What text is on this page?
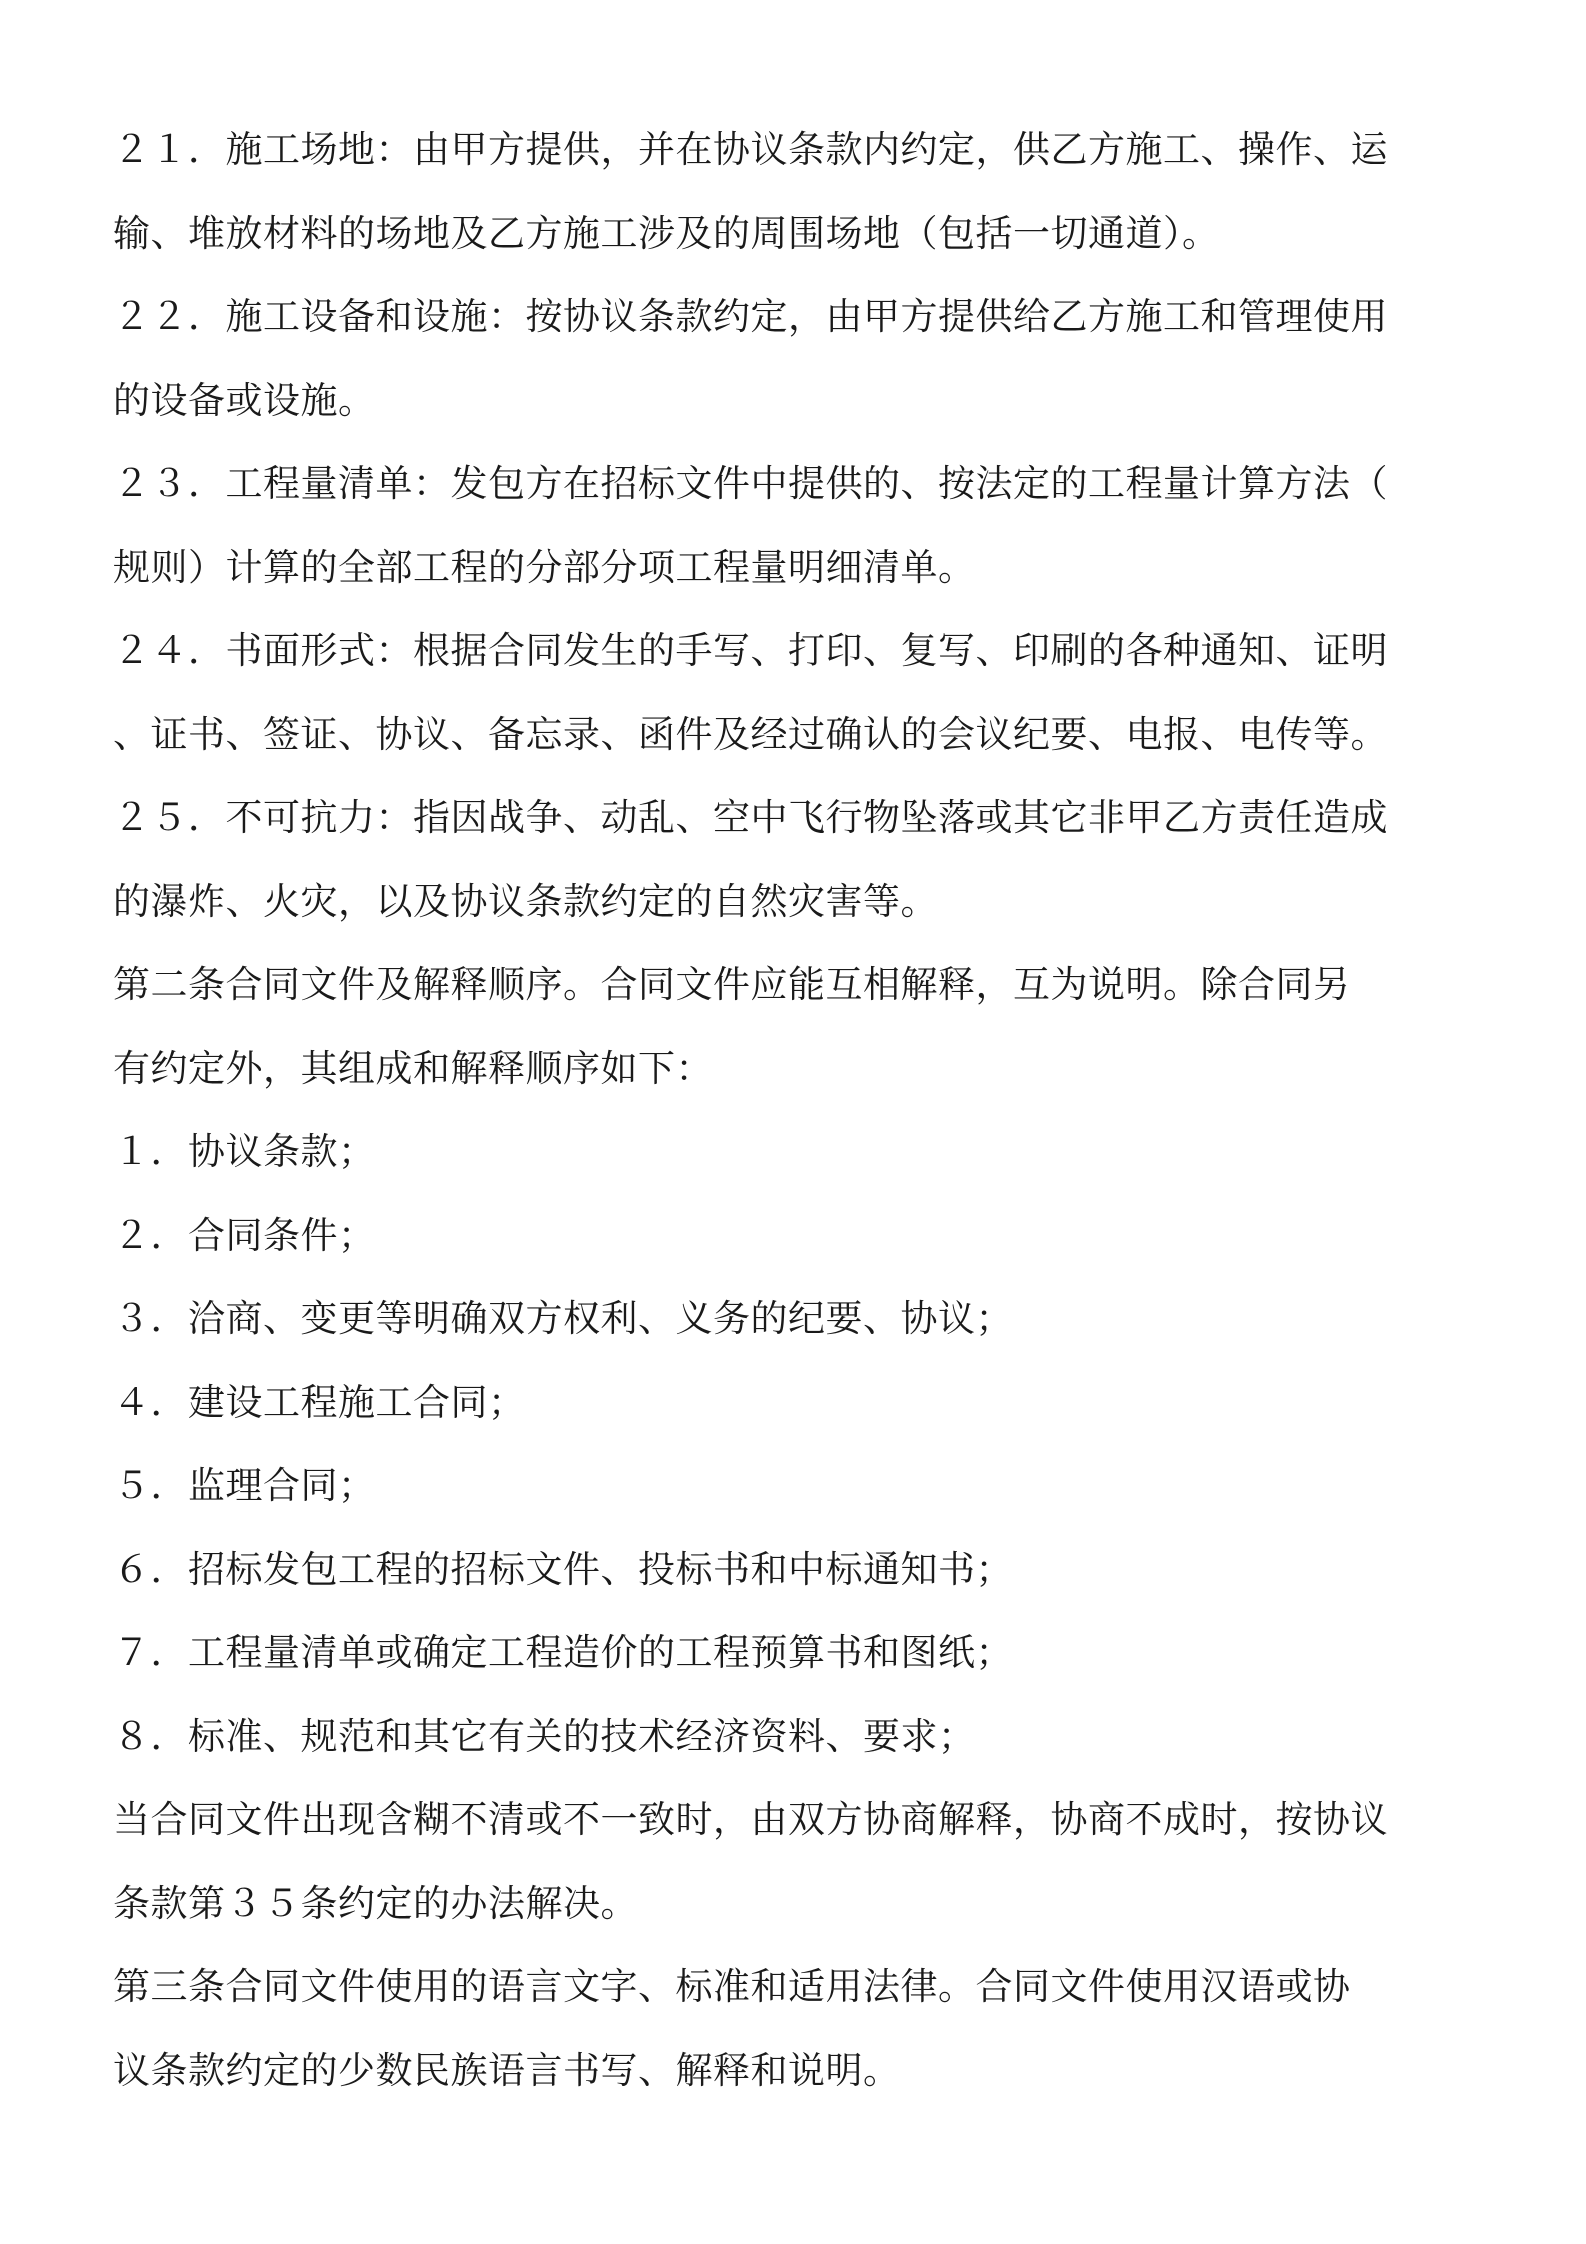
２１．施工场地：由甲方提供，并在协议条款内约定，供乙方施工、操作、运
输、堆放材料的场地及乙方施工涉及的周围场地（包括一切通道）。
２２．施工设备和设施：按协议条款约定，由甲方提供给乙方施工和管理使用
的设备或设施。
２３．工程量清单：发包方在招标文件中提供的、按法定的工程量计算方法（
规则）计算的全部工程的分部分项工程量明细清单。
２４．书面形式：根据合同发生的手写、打印、复写、印刷的各种通知、证明
、证书、签证、协议、备忘录、函件及经过确认的会议纪要、电报、电传等。
２５．不可抗力：指因战争、动乱、空中飞行物坠落或其它非甲乙方责任造成
的瀑炸、火灾，以及协议条款约定的自然灾害等。
第二条合同文件及解释顺序。合同文件应能互相解释，互为说明。除合同另
有约定外，其组成和解释顺序如下：
１．协议条款；
２．合同条件；
３．洽商、变更等明确双方权利、义务的纪要、协议；
４．建设工程施工合同；
５．监理合同；
６．招标发包工程的招标文件、投标书和中标通知书；
７．工程量清单或确定工程造价的工程预算书和图纸；
８．标准、规范和其它有关的技术经济资料、要求；
当合同文件出现含糊不清或不一致时，由双方协商解释，协商不成时，按协议
条款第３５条约定的办法解决。
第三条合同文件使用的语言文字、标准和适用法律。合同文件使用汉语或协
议条款约定的少数民族语言书写、解释和说明。
